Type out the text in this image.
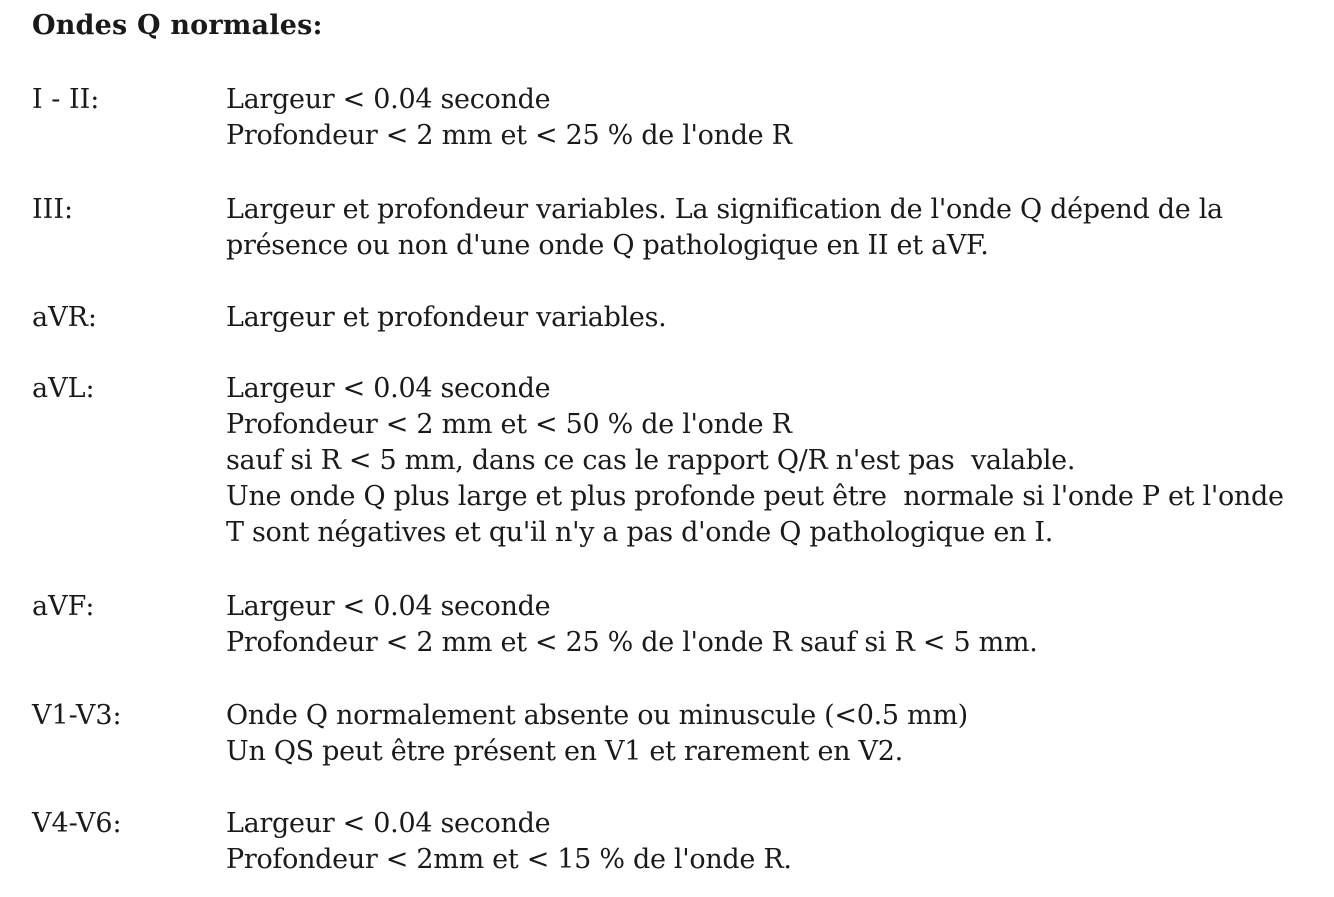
Ondes Q normales:
I - II:	Largeur < 0.04 seconde
Profondeur < 2 mm et < 25 % de l'onde R
III:	Largeur et profondeur variables. La signification de l'onde Q dépend de la
présence ou non d'une onde Q pathologique en II et aVF.
aVR:	Largeur et profondeur variables.
aVL:	Largeur < 0.04 seconde
Profondeur < 2 mm et < 50 % de l'onde R
sauf si R < 5 mm, dans ce cas le rapport Q/R n'est pas  valable.
Une onde Q plus large et plus profonde peut être  normale si l'onde P et l'onde
T sont négatives et qu'il n'y a pas d'onde Q pathologique en I.
aVF:	Largeur < 0.04 seconde
Profondeur < 2 mm et < 25 % de l'onde R sauf si R < 5 mm.
V1-V3:	Onde Q normalement absente ou minuscule (<0.5 mm)
Un QS peut être présent en V1 et rarement en V2.
V4-V6:	Largeur < 0.04 seconde
Profondeur < 2mm et < 15 % de l'onde R.
